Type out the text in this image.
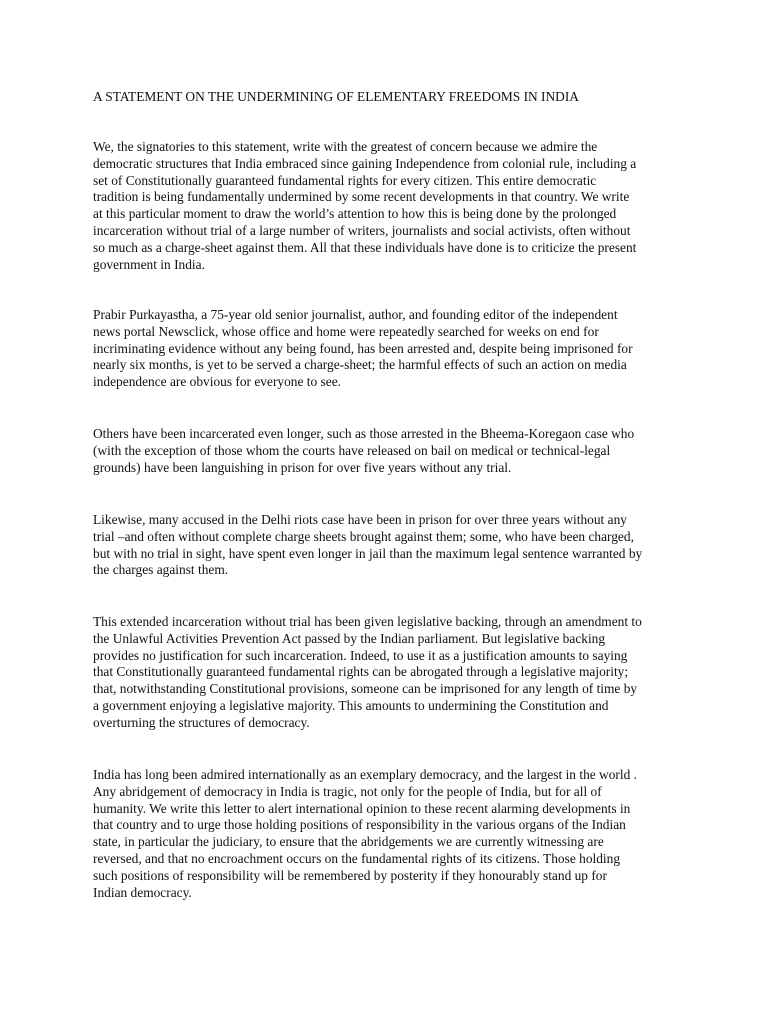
A STATEMENT ON THE UNDERMINING OF ELEMENTARY FREEDOMS IN INDIA
We, the signatories to this statement, write with the greatest of concern because we admire the
democratic structures that India embraced since gaining Independence from colonial rule, including a
set of Constitutionally guaranteed fundamental rights for every citizen. This entire democratic
tradition is being fundamentally undermined by some recent developments in that country. We write
at this particular moment to draw the world’s attention to how this is being done by the prolonged
incarceration without trial of a large number of writers, journalists and social activists, often without
so much as a charge-sheet against them. All that these individuals have done is to criticize the present
government in India.
Prabir Purkayastha, a 75-year old senior journalist, author, and founding editor of the independent
news portal Newsclick, whose office and home were repeatedly searched for weeks on end for
incriminating evidence without any being found, has been arrested and, despite being imprisoned for
nearly six months, is yet to be served a charge-sheet; the harmful effects of such an action on media
independence are obvious for everyone to see.
Others have been incarcerated even longer, such as those arrested in the Bheema-Koregaon case who
(with the exception of those whom the courts have released on bail on medical or technical-legal
grounds) have been languishing in prison for over five years without any trial.
Likewise, many accused in the Delhi riots case have been in prison for over three years without any
trial –and often without complete charge sheets brought against them; some, who have been charged,
but with no trial in sight, have spent even longer in jail than the maximum legal sentence warranted by
the charges against them.
This extended incarceration without trial has been given legislative backing, through an amendment to
the Unlawful Activities Prevention Act passed by the Indian parliament. But legislative backing
provides no justification for such incarceration. Indeed, to use it as a justification amounts to saying
that Constitutionally guaranteed fundamental rights can be abrogated through a legislative majority;
that, notwithstanding Constitutional provisions, someone can be imprisoned for any length of time by
a government enjoying a legislative majority. This amounts to undermining the Constitution and
overturning the structures of democracy.
India has long been admired internationally as an exemplary democracy, and the largest in the world .
Any abridgement of democracy in India is tragic, not only for the people of India, but for all of
humanity. We write this letter to alert international opinion to these recent alarming developments in
that country and to urge those holding positions of responsibility in the various organs of the Indian
state, in particular the judiciary, to ensure that the abridgements we are currently witnessing are
reversed, and that no encroachment occurs on the fundamental rights of its citizens. Those holding
such positions of responsibility will be remembered by posterity if they honourably stand up for
Indian democracy.
